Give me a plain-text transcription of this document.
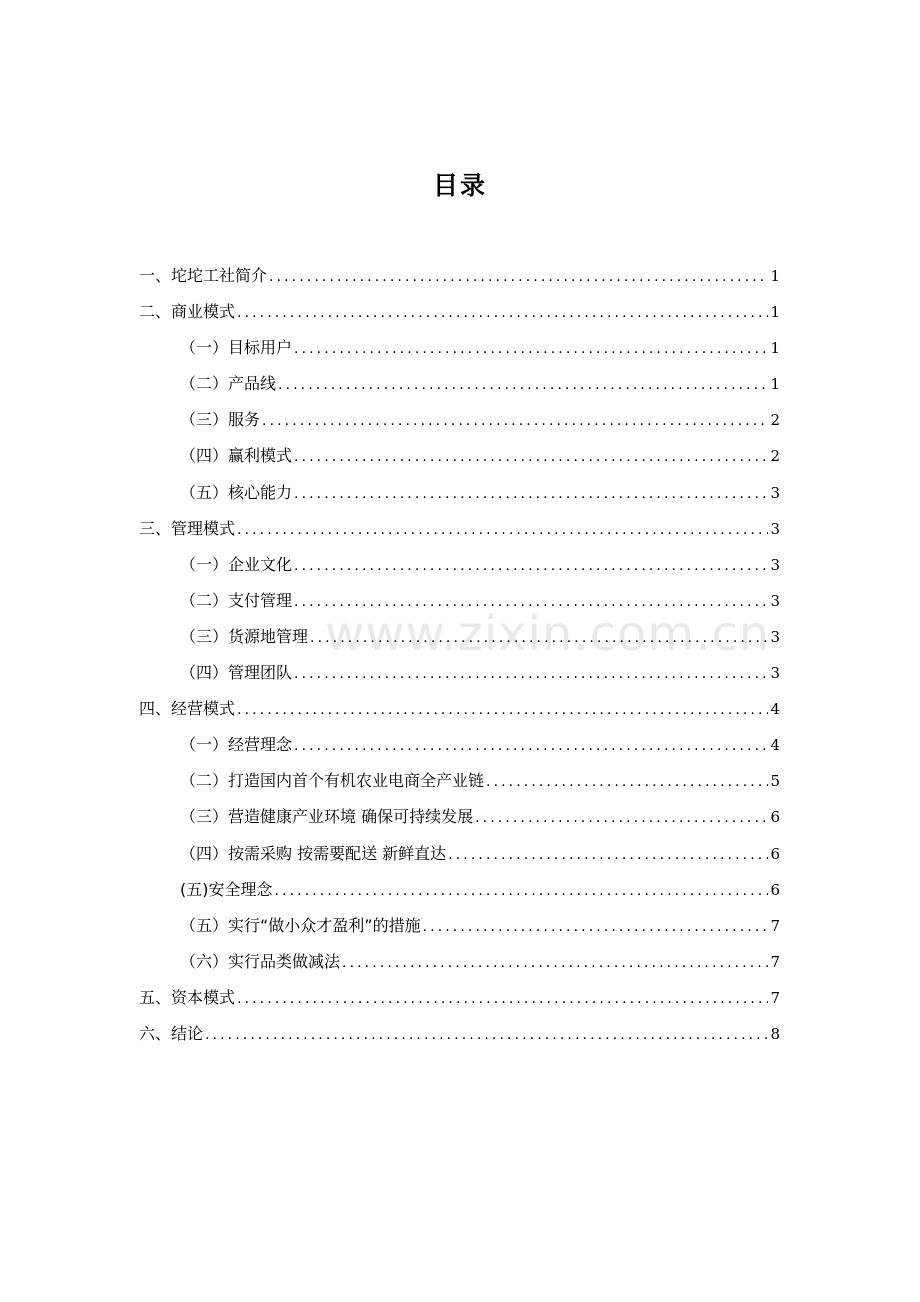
目录
一、坨坨工社简介 .....	1
二、商业模式 .....	1
（一）目标用户 .....	1
（二）产品线 .....	1
（三）服务 .....	2
（四）赢利模式 .....	2
（五）核心能力 .....	3
三、管理模式 .....	3
（一）企业文化 .....	3
（二）支付管理 .....	3
（三）货源地管理 .....	3
（四）管理团队 .....	3
四、经营模式 .....	4
（一）经营理念 .....	4
（二）打造国内首个有机农业电商全产业链 .....	5
（三）营造健康产业环境 确保可持续发展 .....	6
（四）按需采购 按需要配送 新鲜直达 .....	6
(五)安全理念 .....	6
（五）实行“做小众才盈利”的措施 .....	7
（六）实行品类做减法 .....	7
五、资本模式 .....	7
六、结论 .....	8
www.zixin.com.cn
